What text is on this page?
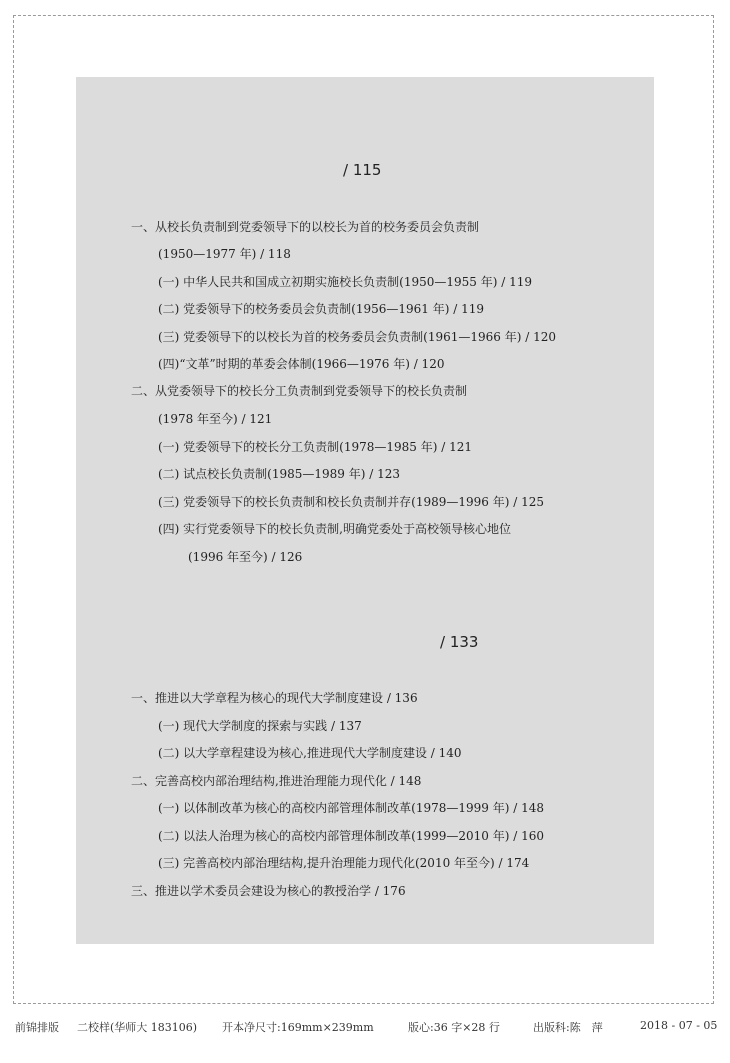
/ 115
一、从校长负责制到党委领导下的以校长为首的校务委员会负责制
(1950—1977 年) / 118
(一) 中华人民共和国成立初期实施校长负责制(1950—1955 年) / 119
(二) 党委领导下的校务委员会负责制(1956—1961 年) / 119
(三) 党委领导下的以校长为首的校务委员会负责制(1961—1966 年) / 120
(四)“文革”时期的革委会体制(1966—1976 年) / 120
二、从党委领导下的校长分工负责制到党委领导下的校长负责制
(1978 年至今) / 121
(一) 党委领导下的校长分工负责制(1978—1985 年) / 121
(二) 试点校长负责制(1985—1989 年) / 123
(三) 党委领导下的校长负责制和校长负责制并存(1989—1996 年) / 125
(四) 实行党委领导下的校长负责制,明确党委处于高校领导核心地位
(1996 年至今) / 126
/ 133
一、推进以大学章程为核心的现代大学制度建设 / 136
(一) 现代大学制度的探索与实践 / 137
(二) 以大学章程建设为核心,推进现代大学制度建设 / 140
二、完善高校内部治理结构,推进治理能力现代化 / 148
(一) 以体制改革为核心的高校内部管理体制改革(1978—1999 年) / 148
(二) 以法人治理为核心的高校内部管理体制改革(1999—2010 年) / 160
(三) 完善高校内部治理结构,提升治理能力现代化(2010 年至今) / 174
三、推进以学术委员会建设为核心的教授治学 / 176
前锦排版 二校样(华师大 183106) 开本净尺寸:169mm×239mm	版心:36 字×28 行	出版科:陈　萍	2018 - 07 - 05
